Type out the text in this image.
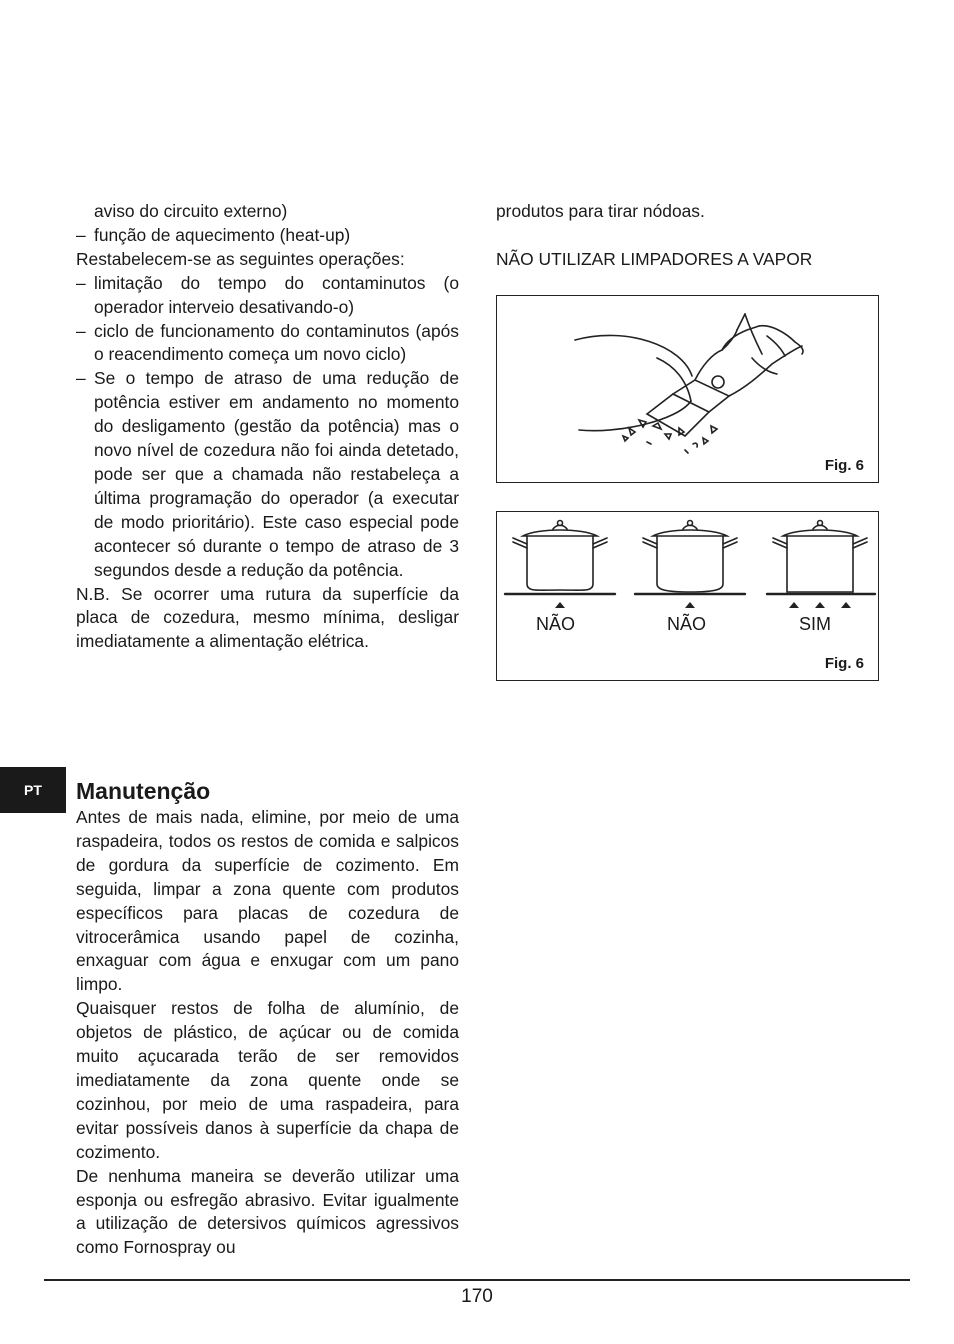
aviso do circuito externo)

– função de aquecimento (heat-up)

Restabelecem-se as seguintes operações:

– limitação do tempo do contaminutos (o operador interveio desativando-o)

– ciclo de funcionamento do contaminutos (após o reacendimento começa um novo ciclo)

– Se o tempo de atraso de uma redução de potência estiver em andamento no momento do desligamento (gestão da potência) mas o novo nível de cozedura não foi ainda detetado, pode ser que a chamada não restabeleça a última programação do operador (a executar de modo prioritário). Este caso especial pode acontecer só durante o tempo de atraso de 3 segundos desde a redução da potência.

N.B. Se ocorrer uma rutura da superfície da placa de cozedura, mesmo mínima, desligar imediatamente a alimentação elétrica.

PT	Manutenção

Antes de mais nada, elimine, por meio de uma raspadeira, todos os restos de comida e salpicos de gordura da superfície de cozimento. Em seguida, limpar a zona quente com produtos específicos para placas de cozedura de vitrocerâmica usando papel de cozinha, enxaguar com água e enxugar com um pano limpo.

Quaisquer restos de folha de alumínio, de objetos de plástico, de açúcar ou de comida muito açucarada terão de ser removidos imediatamente da zona quente onde se cozinhou, por meio de uma raspadeira, para evitar possíveis danos à superfície da chapa de cozimento.

De nenhuma maneira se deverão utilizar uma esponja ou esfregão abrasivo. Evitar igualmente a utilização de detersivos químicos agressivos como Fornospray ou

produtos para tirar nódoas.

NÃO UTILIZAR LIMPADORES A VAPOR

Fig. 6
NÃO	NÃO	SIM
Fig. 6
170
